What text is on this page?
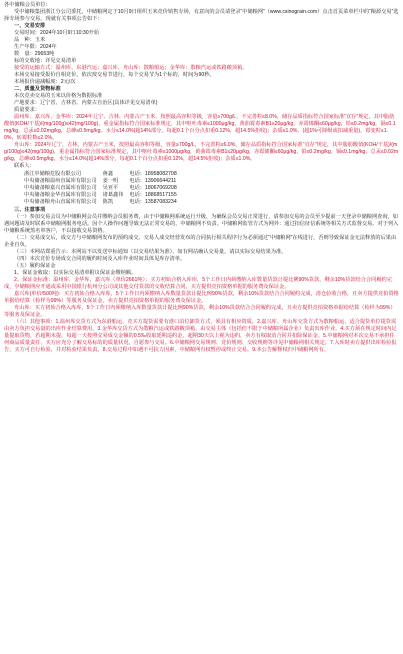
各中储粮会员单位：

受中储粮集团浙江分公司委托，中储粮网定于10月9日组织玉米竞价销售专场，有意向的会员请登录“中储粮网”（www.csinograin.com）点击首页菜单栏中的“粮源交易”选择专场参与交易。现就有关事项公告如下：

一、交易安排

交易时间：2024年10月9日10:30开始

品　种：玉米

生产年限：2024年

数　量：29653吨

标的交收地：详见交易清单

接受的运输方式：温州库、东港汽运；嘉兴库、舟山库：散粮船运；金华库：散粮汽运或铁路敞顶箱。

本场交易接受报价自相竞价，依次按交易节进行，每个交易节为1个标的，时间为90秒。

本场报价递减幅度：2元/次

二、质量及货物标准

本次竞卖交易的玉米以价格为数据标准

产地要求：辽宁省、吉林省、内蒙古自治区(具体详见交易清单)

质量要求：

温州库、嘉兴库、金华库：2024年辽宁、吉林、内蒙古产玉米，按照最高容积等级，容量≥700g/L，不完善粒≤8.0%，储存品质指标符合国家标准“宜存”规定，其中脂肪酸值(KOH/干基)/(mg/100g)≤42(mg/100g)，重金属指标符合国家标准规定，其中呕吐毒素≤1000μg/kg，黄曲霉毒素B1≤20μg/kg，赤霉烯酮≤60μg/kg，铅≤0.2mg/kg，镉≤0.1mg/kg，总汞≤0.02mg/kg，总砷≤0.5mg/kg。水分≤14.0%(超14%部分，每超0.1个百分点扣重0.12%，超14.5%拒收)；杂质≤1.0%，(超1%可降级或扣减重量)，霉变粒≤1.0%，转霉粒数≤2.0%。

舟山库：2024年辽宁、吉林、内蒙古产玉米，按照最高容积等级，容量≥700g/L，不完善粒≤6.0%，储存品质指标符合国家标准“宜存”规定，其中脂肪酸值(KOH/干基)/(mg/100g)≤42(mg/100g)，重金属指标符合国家标准规定，其中呕吐毒素≤1000μg/kg，黄曲霉毒素B1≤20μg/kg，赤霉烯酮≤60μg/kg，铅≤0.2mg/kg，镉≤0.1mg/kg，总汞≤0.02mg/kg，总砷≤0.5mg/kg，水分≤14.0%(超14%部分，每超0.1个百分点扣重0.12%，超14.5%拒收)；杂质≤1.0%。

联系人：

浙江中储粮危股有限公司	蒋鑫	电话：18958082708
中央储备粮温州直属库有限公司	姜一明	电话：13906644211
中央储备粮嘉兴直属库有限公司	吴亚平	电话：18067069208
中央储备粮金华直属库有限公司	诸葛鑫伟	电话：18868517155
中央储备粮舟山直属库有限公司	陈凯	电话：13587083234

三、注意事项

（一）参加交易会员为中储粮网会员并缴纳会员服务费，由于中储粮网系统运行升级，为确保会员交易正常进行，请参加交易的会员至少提前一天登录中储粮网查询，如遇问题请及时联系中储粮网服务电话。因个人操作问题导致无法正常交易的，中储粮网不负责。中储粮网监管方式为网外：通过扣信征信系统等相关方式监督交易。对于列入中储粮系统黑名单客户，不以接收交易资格。

（二）交易成交后，成交方与中储粮网发布的预约成交、交易人成交经营发布的合同执行相关程序行为必须通过“中储粮网”在线进行，否则导致保证金无法释放的后果由企业自负。

（三）本网站郑重告示：本网站不以发送中标通知（以交易结果为准），如有网站确认交易量，请以实际交易结果为准。

（四）本次竞价专场成交合同的履约时间及入库作业时间具体见库存清单。

（五）履约保证金

1、保证金收取：以实际交易清单附议保证金缴纳额。

2、保证金标准：温州库、金华库、嘉兴库（单价2661吨）：买方初始合格入库库，5个工作日内须缴纳入库数量货款计提比例90%货款，剩余10%货款结合合同履约完成，中储粮网应开通或采用中国银行杭州分公司或其他交付货款的交收结算合同，买方提供竞拍资格单据的服务费及保证金。

嘉兴库(单价/500吨)：买方初始合格入库库，5个工作日内须缴纳入库数量货款计提比例90%货款，剩余10%货款结合合同履约完成，清仓验收合格，且卖方提供竞拍资格单据给结算（检样为99%）等服务及保证金，卖方提供竞拍资格单据的服务费及保证金。

舟山库：买方初始合格入库库，5个工作日内须缴纳入库数量货款计提比例90%货款，剩余10%货款结合合同履约完成，且卖方提供竞拍资格单据给结算（检样为99%）等服务及保证金。

（六）其他事项：1.温州库交货方式为东港船运，竞买方提货需要有港口泊位卸货方式，须具有相应资质。2.嘉兴库、舟山库交货方式为散粮船运，适合提货单位提货需由卖方负担交易量的出库作业结算费用。3.金华库交货方式为散粮汽运或铁路敞顶箱，由交易主体（包括但不限于中储粮所属企业）负责出库作业。4.买方须在规定时间内足量提取货物，若超期未提，每超一天按照交易成交金额的0.5‰收取延期违约金，超期30天以上视为违约，卖方有权取消合同并扣除保证金。5.中储粮网对本次交易不承担任何商品质量责任，买方应充分了解交易标的的质量状况，自愿参与交易。6.中储粮网交易规则、竞价规则、交收规则等详见中储粮网相关规定。7.入库时卖方提供出库检验报告，买方可自行检验，并对检验结果负责。8.交易过程中如遇不可抗力因素，中储粮网有权暂停或终止交易。9.本公告解释权归中储粮网所有。
